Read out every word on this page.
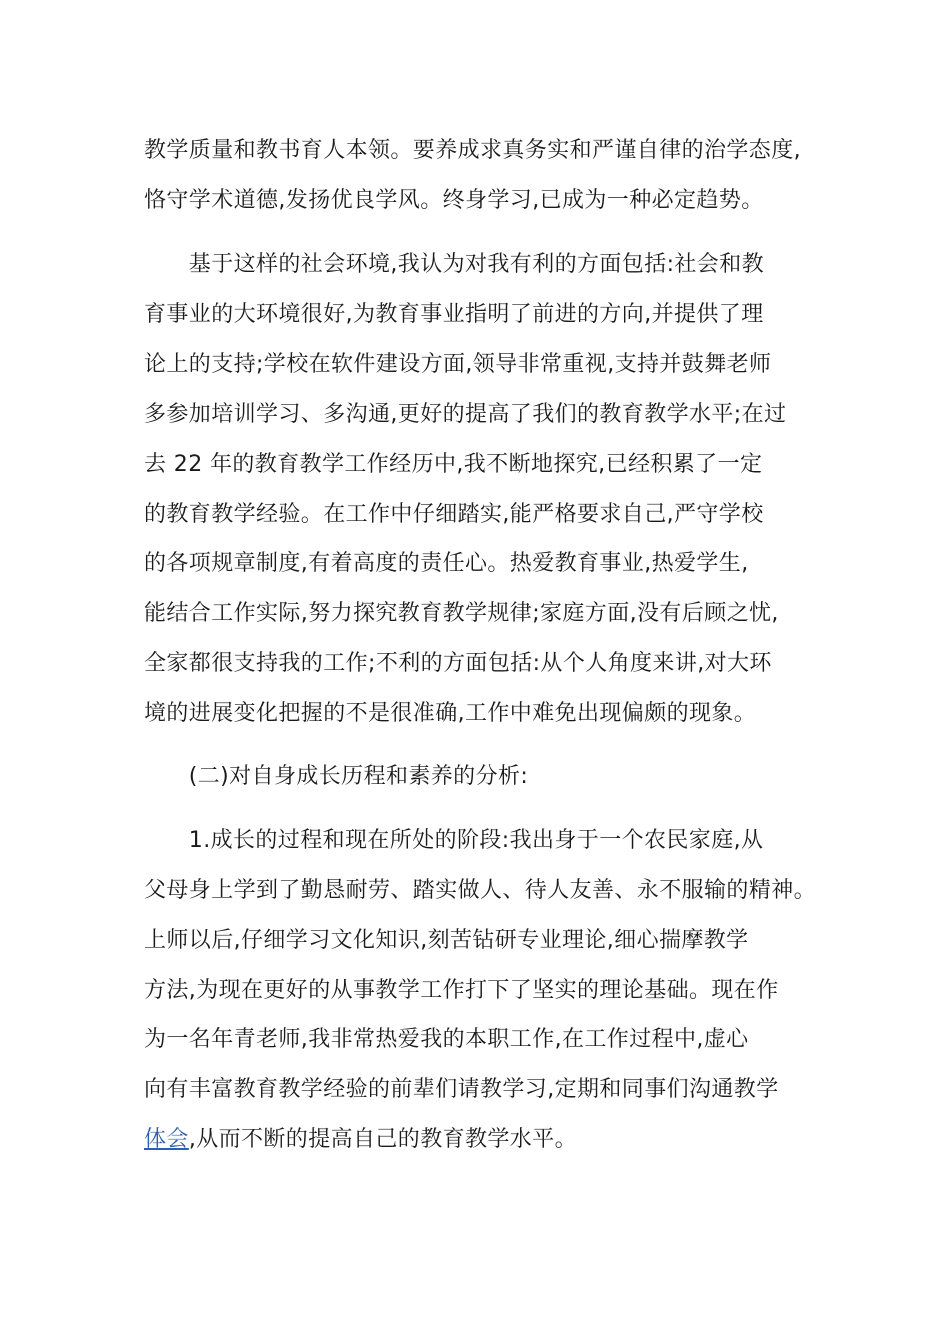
教学质量和教书育人本领。要养成求真务实和严谨自律的治学态度,
恪守学术道德,发扬优良学风。终身学习,已成为一种必定趋势。
　　基于这样的社会环境,我认为对我有利的方面包括:社会和教
育事业的大环境很好,为教育事业指明了前进的方向,并提供了理
论上的支持;学校在软件建设方面,领导非常重视,支持并鼓舞老师
多参加培训学习、多沟通,更好的提高了我们的教育教学水平;在过
去 22 年的教育教学工作经历中,我不断地探究,已经积累了一定
的教育教学经验。在工作中仔细踏实,能严格要求自己,严守学校
的各项规章制度,有着高度的责任心。热爱教育事业,热爱学生,
能结合工作实际,努力探究教育教学规律;家庭方面,没有后顾之忧,
全家都很支持我的工作;不利的方面包括:从个人角度来讲,对大环
境的进展变化把握的不是很准确,工作中难免出现偏颇的现象。
　　(二)对自身成长历程和素养的分析:
　　1.成长的过程和现在所处的阶段:我出身于一个农民家庭,从
父母身上学到了勤恳耐劳、踏实做人、待人友善、永不服输的精神。
上师以后,仔细学习文化知识,刻苦钻研专业理论,细心揣摩教学
方法,为现在更好的从事教学工作打下了坚实的理论基础。现在作
为一名年青老师,我非常热爱我的本职工作,在工作过程中,虚心
向有丰富教育教学经验的前辈们请教学习,定期和同事们沟通教学
体会,从而不断的提高自己的教育教学水平。
